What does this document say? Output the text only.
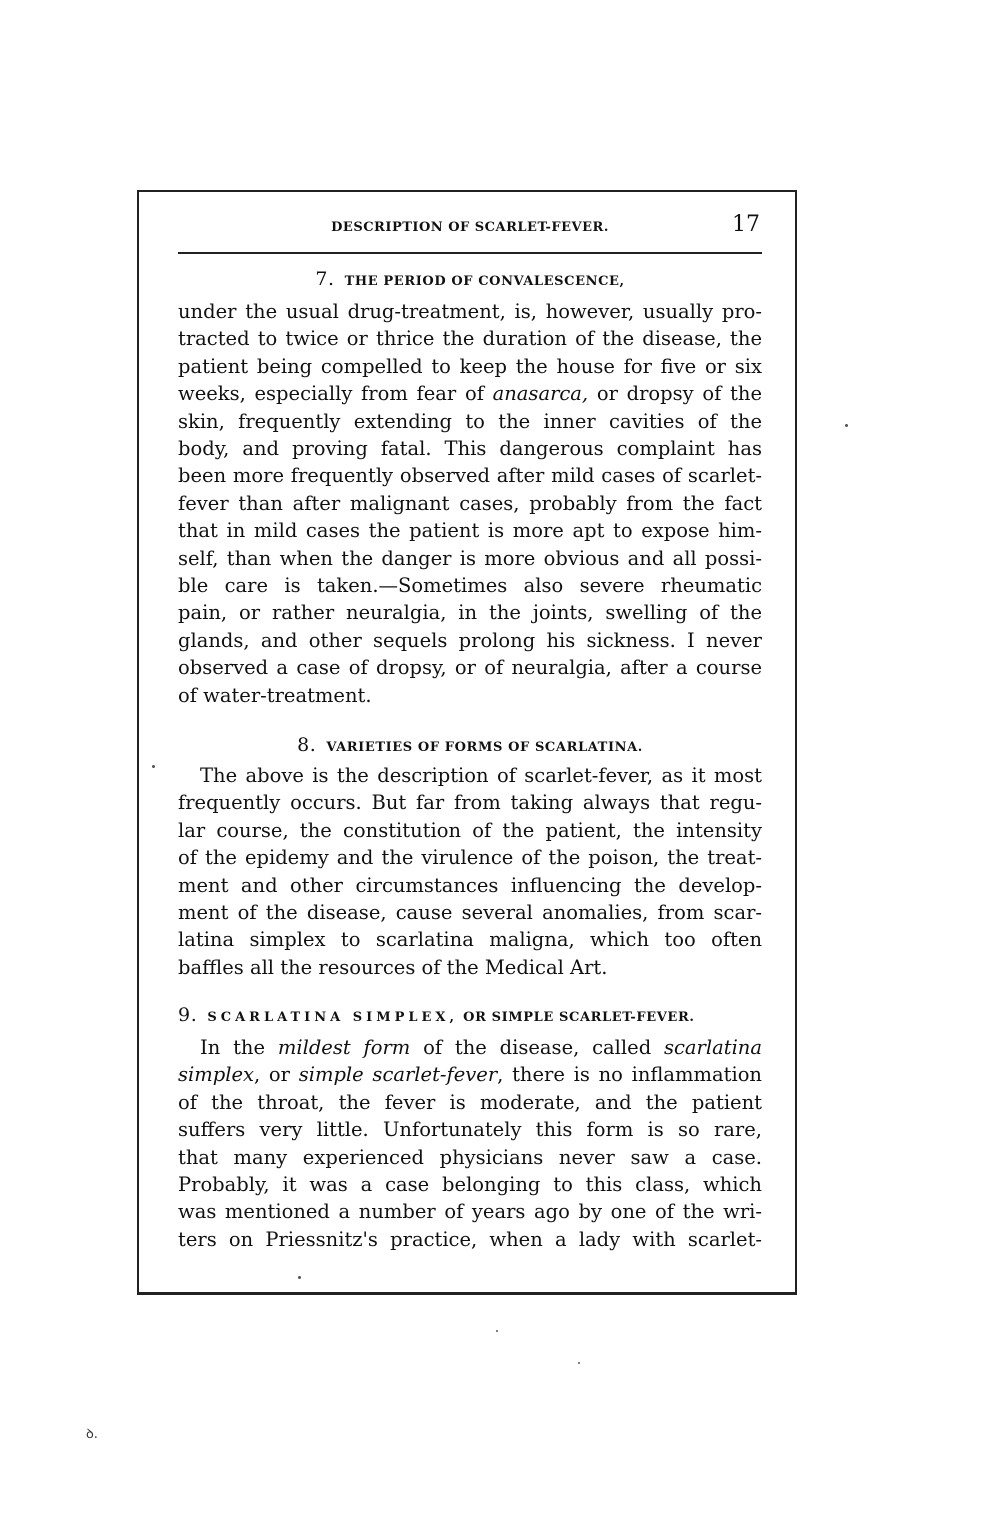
DESCRIPTION OF SCARLET-FEVER.	17
7. THE PERIOD OF CONVALESCENCE,
under the usual drug-treatment, is, however, usually pro-
tracted to twice or thrice the duration of the disease, the
patient being compelled to keep the house for five or six
weeks, especially from fear of anasarca, or dropsy of the
skin, frequently extending to the inner cavities of the
body, and proving fatal. This dangerous complaint has
been more frequently observed after mild cases of scarlet-
fever than after malignant cases, probably from the fact
that in mild cases the patient is more apt to expose him-
self, than when the danger is more obvious and all possi-
ble care is taken.—Sometimes also severe rheumatic
pain, or rather neuralgia, in the joints, swelling of the
glands, and other sequels prolong his sickness. I never
observed a case of dropsy, or of neuralgia, after a course
of water-treatment.
8. VARIETIES OF FORMS OF SCARLATINA.
The above is the description of scarlet-fever, as it most
frequently occurs. But far from taking always that regu-
lar course, the constitution of the patient, the intensity
of the epidemy and the virulence of the poison, the treat-
ment and other circumstances influencing the develop-
ment of the disease, cause several anomalies, from scar-
latina simplex to scarlatina maligna, which too often
baffles all the resources of the Medical Art.
9. SCARLATINA SIMPLEX, OR SIMPLE SCARLET-FEVER.
In the mildest form of the disease, called scarlatina
simplex, or simple scarlet-fever, there is no inflammation
of the throat, the fever is moderate, and the patient
suffers very little. Unfortunately this form is so rare,
that many experienced physicians never saw a case.
Probably, it was a case belonging to this class, which
was mentioned a number of years ago by one of the wri-
ters on Priessnitz's practice, when a lady with scarlet-
ꝺ.
